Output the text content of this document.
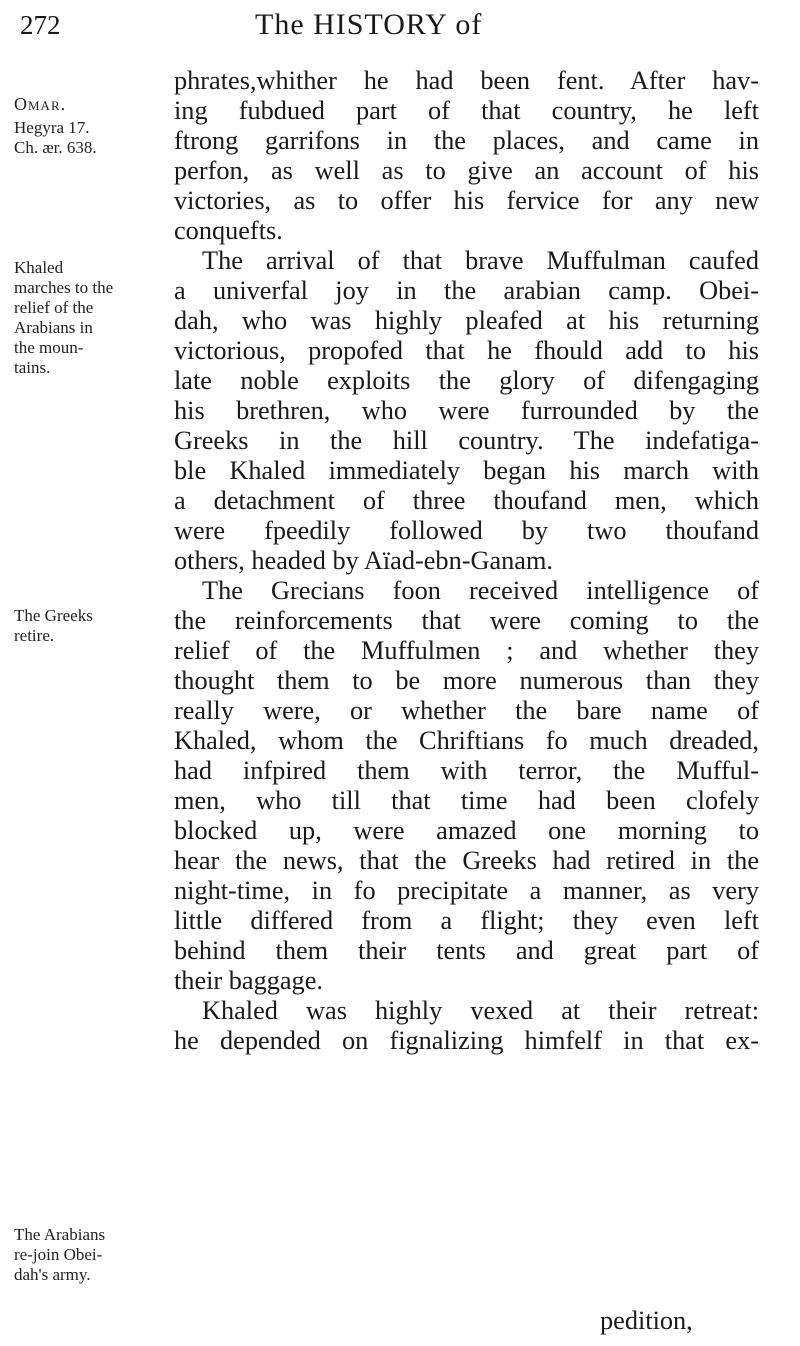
272	The HISTORY of
Omar.
Hegyra 17.
Ch. ær. 638.
Khaled
marches to the
relief of the
Arabians in
the moun-
tains.
The Greeks
retire.
The Arabians
re-join Obei-
dah's army.
phrates,whither he had been fent. After hav-
ing fubdued part of that country, he left
ftrong garrifons in the places, and came in
perfon, as well as to give an account of his
victories, as to offer his fervice for any new
conquefts.
The arrival of that brave Muffulman caufed
a univerfal joy in the arabian camp. Obei-
dah, who was highly pleafed at his returning
victorious, propofed that he fhould add to his
late noble exploits the glory of difengaging
his brethren, who were furrounded by the
Greeks in the hill country. The indefatiga-
ble Khaled immediately began his march with
a detachment of three thoufand men, which
were fpeedily followed by two thoufand
others, headed by Aïad-ebn-Ganam.
The Grecians foon received intelligence of
the reinforcements that were coming to the
relief of the Muffulmen ; and whether they
thought them to be more numerous than they
really were, or whether the bare name of
Khaled, whom the Chriftians fo much dreaded,
had infpired them with terror, the Mufful-
men, who till that time had been clofely
blocked up, were amazed one morning to
hear the news, that the Greeks had retired in the
night-time, in fo precipitate a manner, as very
little differed from a flight; they even left
behind them their tents and great part of
their baggage.
Khaled was highly vexed at their retreat:
he depended on fignalizing himfelf in that ex-
pedition,
